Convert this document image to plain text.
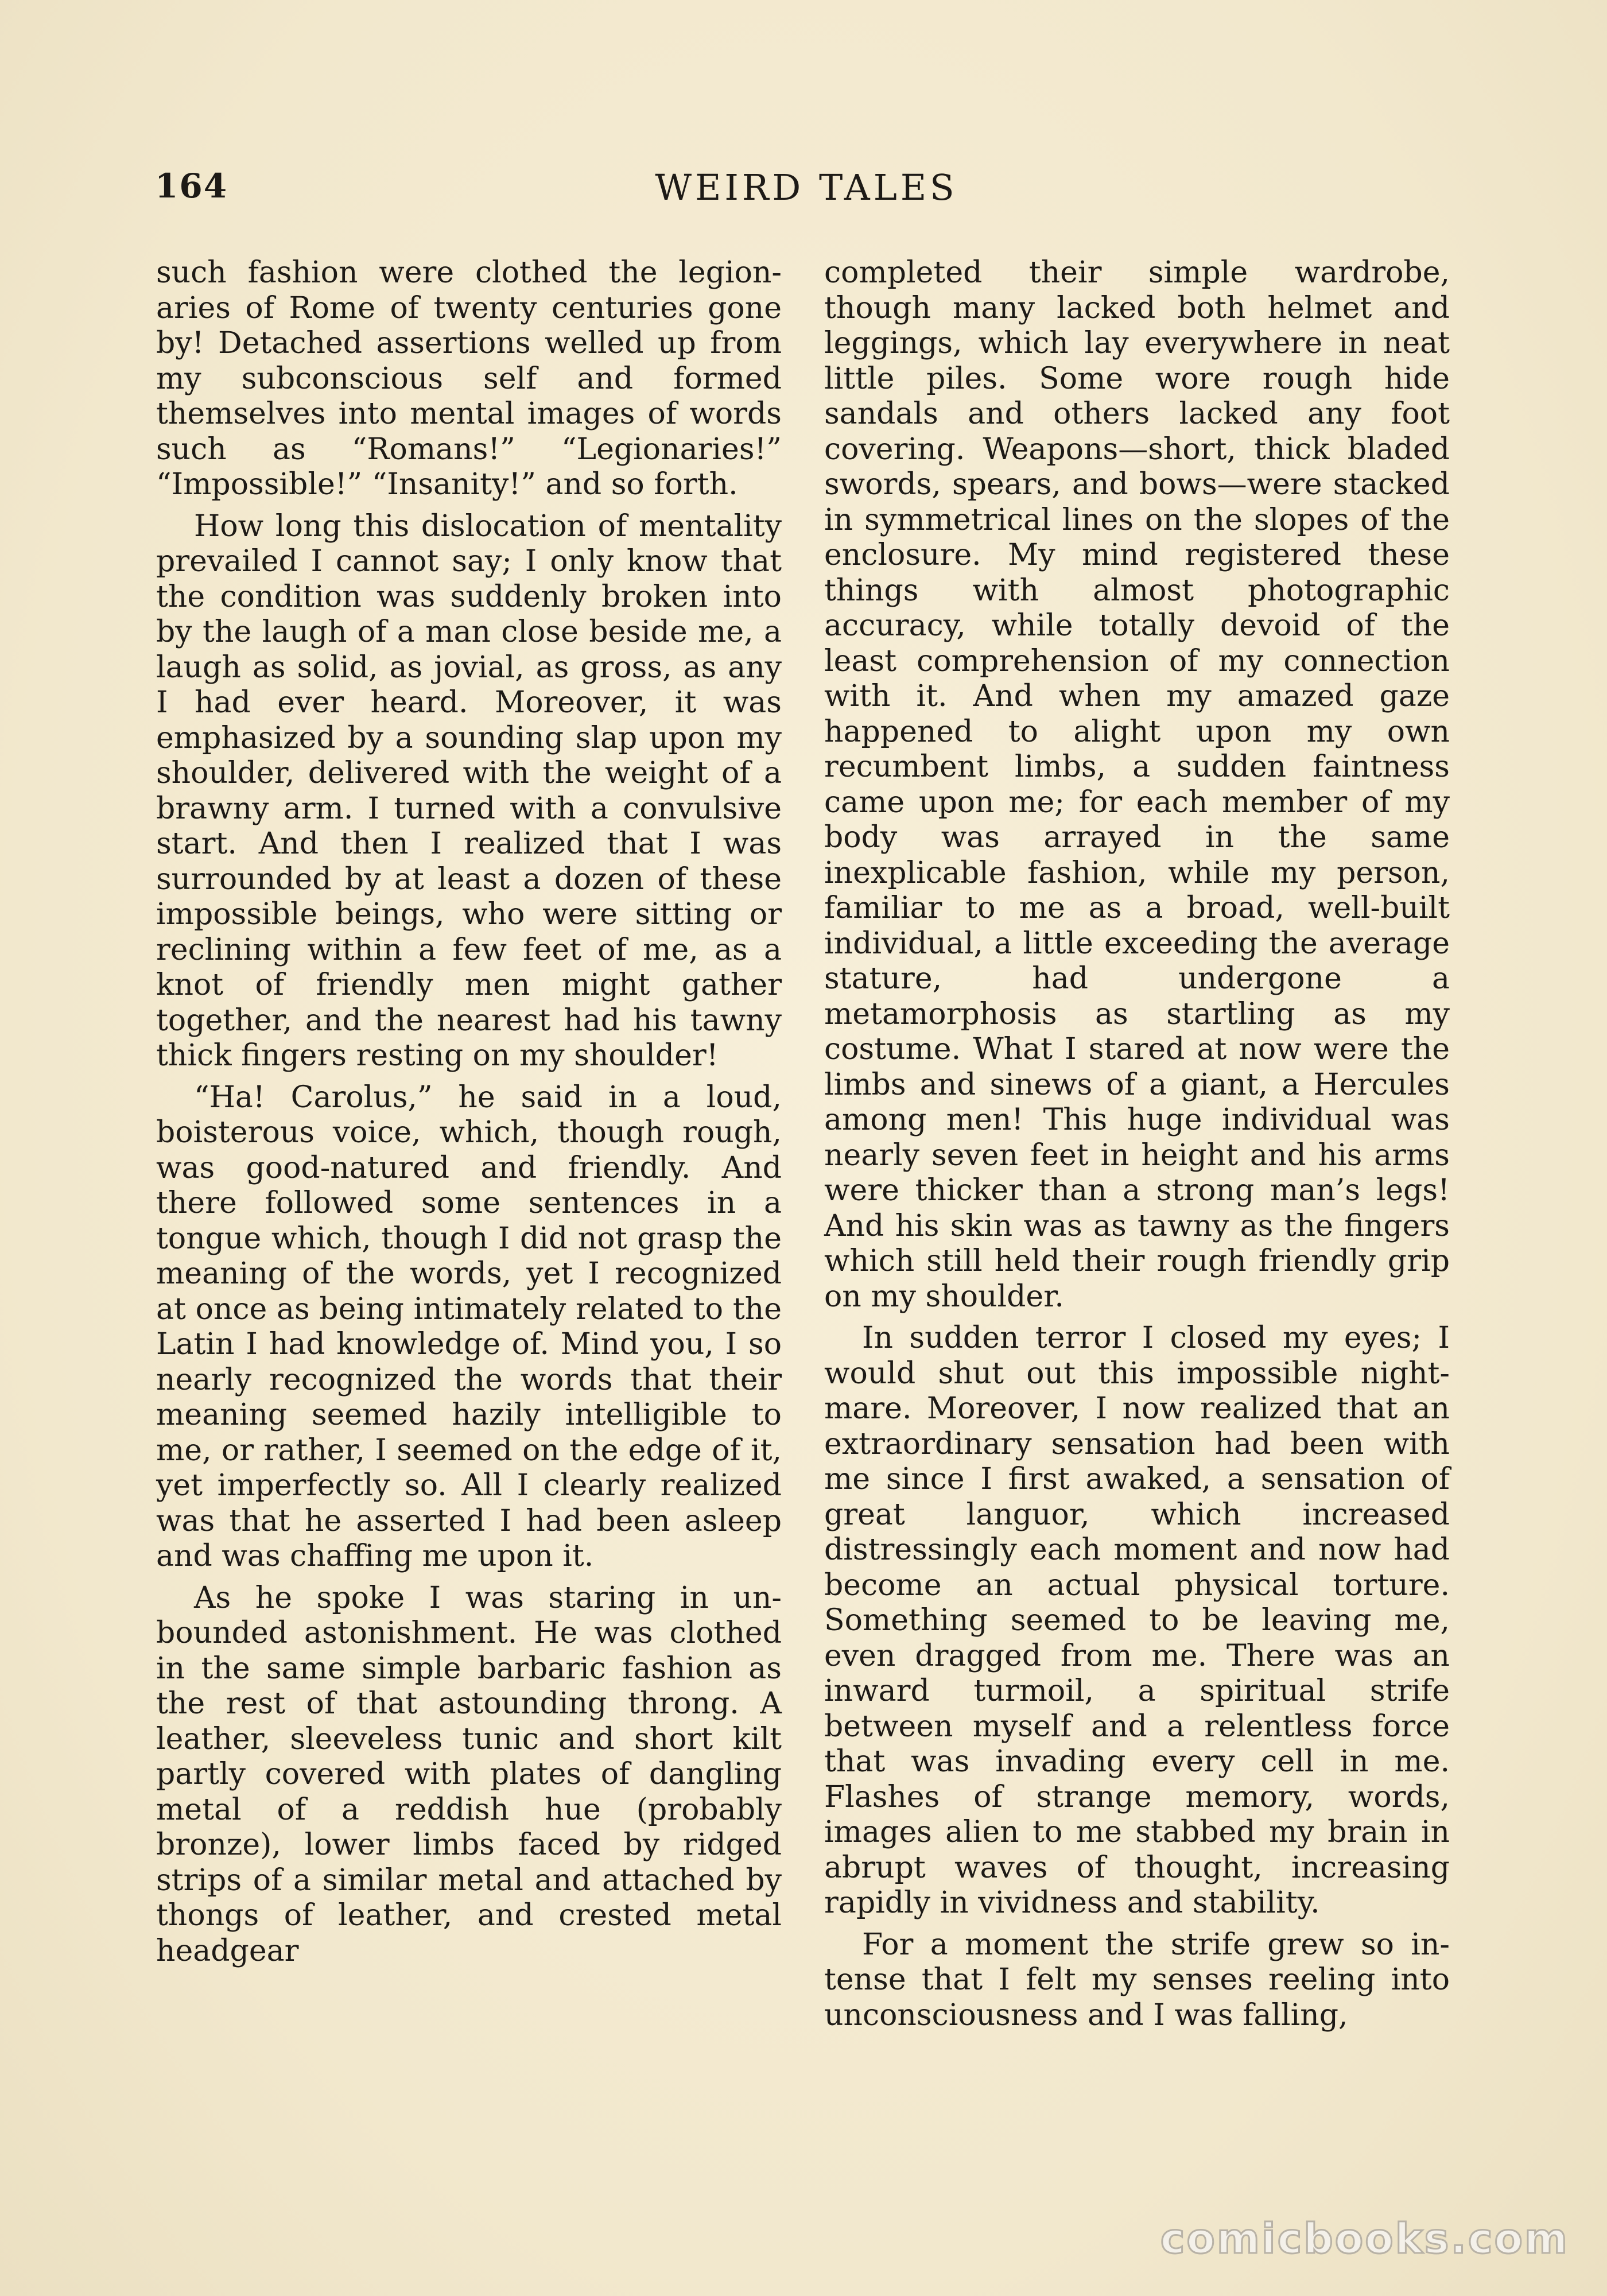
164	WEIRD TALES

such fashion were clothed the legionaries of Rome of twenty centuries gone by! Detached assertions welled up from my subconscious self and formed themselves into mental images of words such as “Romans!” “Legionaries!” “Impossible!” “Insanity!” and so forth.

How long this dislocation of mentality prevailed I cannot say; I only know that the condition was suddenly broken into by the laugh of a man close beside me, a laugh as solid, as jovial, as gross, as any I had ever heard. Moreover, it was emphasized by a sounding slap upon my shoulder, delivered with the weight of a brawny arm. I turned with a convulsive start. And then I realized that I was surrounded by at least a dozen of these impossible beings, who were sitting or reclining within a few feet of me, as a knot of friendly men might gather together, and the nearest had his tawny thick fingers resting on my shoulder!

“Ha! Carolus,” he said in a loud, boisterous voice, which, though rough, was good-natured and friendly. And there followed some sentences in a tongue which, though I did not grasp the meaning of the words, yet I recognized at once as being intimately related to the Latin I had knowledge of. Mind you, I so nearly recognized the words that their meaning seemed hazily intelligible to me, or rather, I seemed on the edge of it, yet imperfectly so. All I clearly realized was that he asserted I had been asleep and was chaffing me upon it.

As he spoke I was staring in unbounded astonishment. He was clothed in the same simple barbaric fashion as the rest of that astounding throng. A leather, sleeveless tunic and short kilt partly covered with plates of dangling metal of a reddish hue (probably bronze), lower limbs faced by ridged strips of a similar metal and attached by thongs of leather, and crested metal headgear

completed their simple wardrobe, though many lacked both helmet and leggings, which lay everywhere in neat little piles. Some wore rough hide sandals and others lacked any foot covering. Weapons—short, thick bladed swords, spears, and bows—were stacked in symmetrical lines on the slopes of the enclosure. My mind registered these things with almost photographic accuracy, while totally devoid of the least comprehension of my connection with it. And when my amazed gaze happened to alight upon my own recumbent limbs, a sudden faintness came upon me; for each member of my body was arrayed in the same inexplicable fashion, while my person, familiar to me as a broad, well-built individual, a little exceeding the average stature, had undergone a metamorphosis as startling as my costume. What I stared at now were the limbs and sinews of a giant, a Hercules among men! This huge individual was nearly seven feet in height and his arms were thicker than a strong man’s legs! And his skin was as tawny as the fingers which still held their rough friendly grip on my shoulder.

In sudden terror I closed my eyes; I would shut out this impossible nightmare. Moreover, I now realized that an extraordinary sensation had been with me since I first awaked, a sensation of great languor, which increased distressingly each moment and now had become an actual physical torture. Something seemed to be leaving me, even dragged from me. There was an inward turmoil, a spiritual strife between myself and a relentless force that was invading every cell in me. Flashes of strange memory, words, images alien to me stabbed my brain in abrupt waves of thought, increasing rapidly in vividness and stability.

For a moment the strife grew so intense that I felt my senses reeling into unconsciousness and I was falling,

comicbooks.com
